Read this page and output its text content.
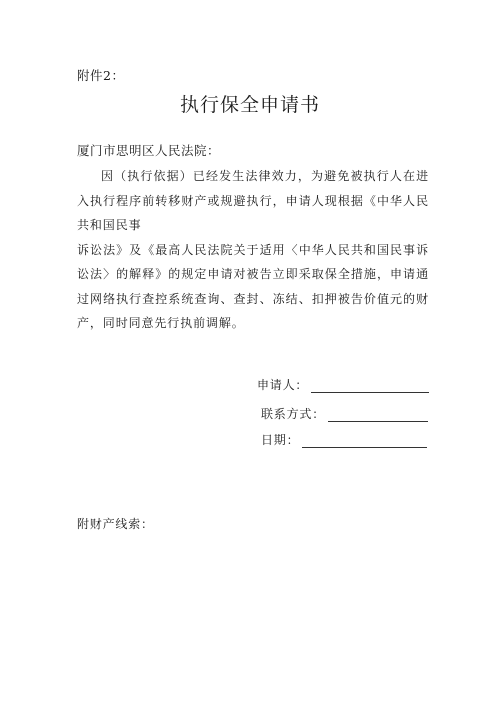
附件2：
执行保全申请书
厦门市思明区人民法院：

因（执行依据）已经发生法律效力，为避免被执行人在进入执行程序前转移财产或规避执行，申请人现根据《中华人民共和国民事

诉讼法》及《最高人民法院关于适用〈中华人民共和国民事诉讼法〉的解释》的规定申请对被告立即采取保全措施，申请通过网络执行查控系统查询、查封、冻结、扣押被告价值元的财产，同时同意先行执前调解。

申请人：
联系方式：
日期：
附财产线索：
